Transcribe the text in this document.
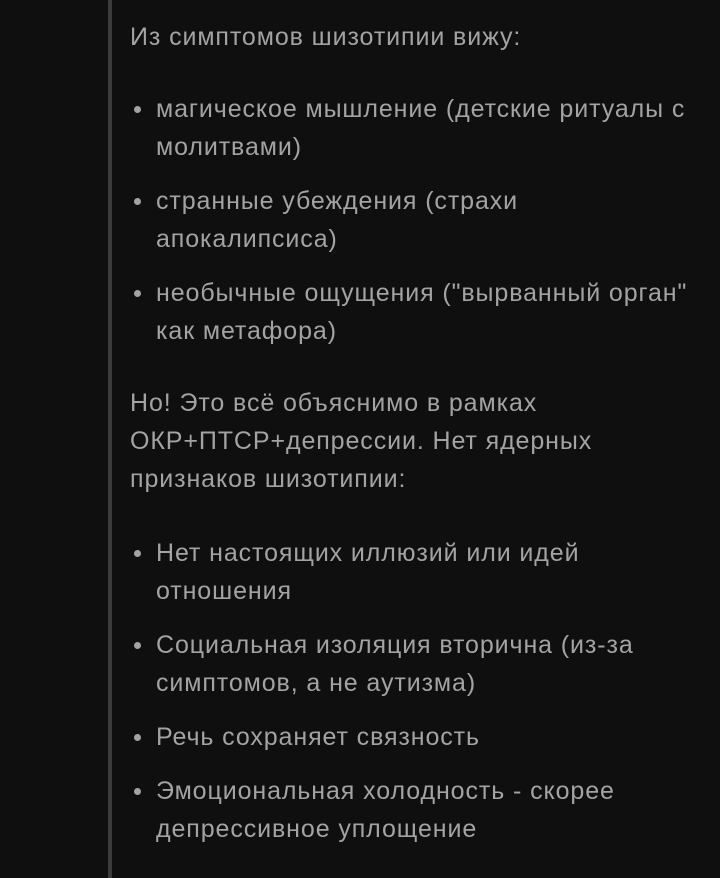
Из симптомов шизотипии вижу:

магическое мышление (детские ритуалы с молитвами)
странные убеждения (страхи апокалипсиса)
необычные ощущения ("вырванный орган" как метафора)

Но! Это всё объяснимо в рамках ОКР+ПТСР+депрессии. Нет ядерных признаков шизотипии:

Нет настоящих иллюзий или идей отношения
Социальная изоляция вторична (из-за симптомов, а не аутизма)
Речь сохраняет связность
Эмоциональная холодность - скорее депрессивное уплощение
